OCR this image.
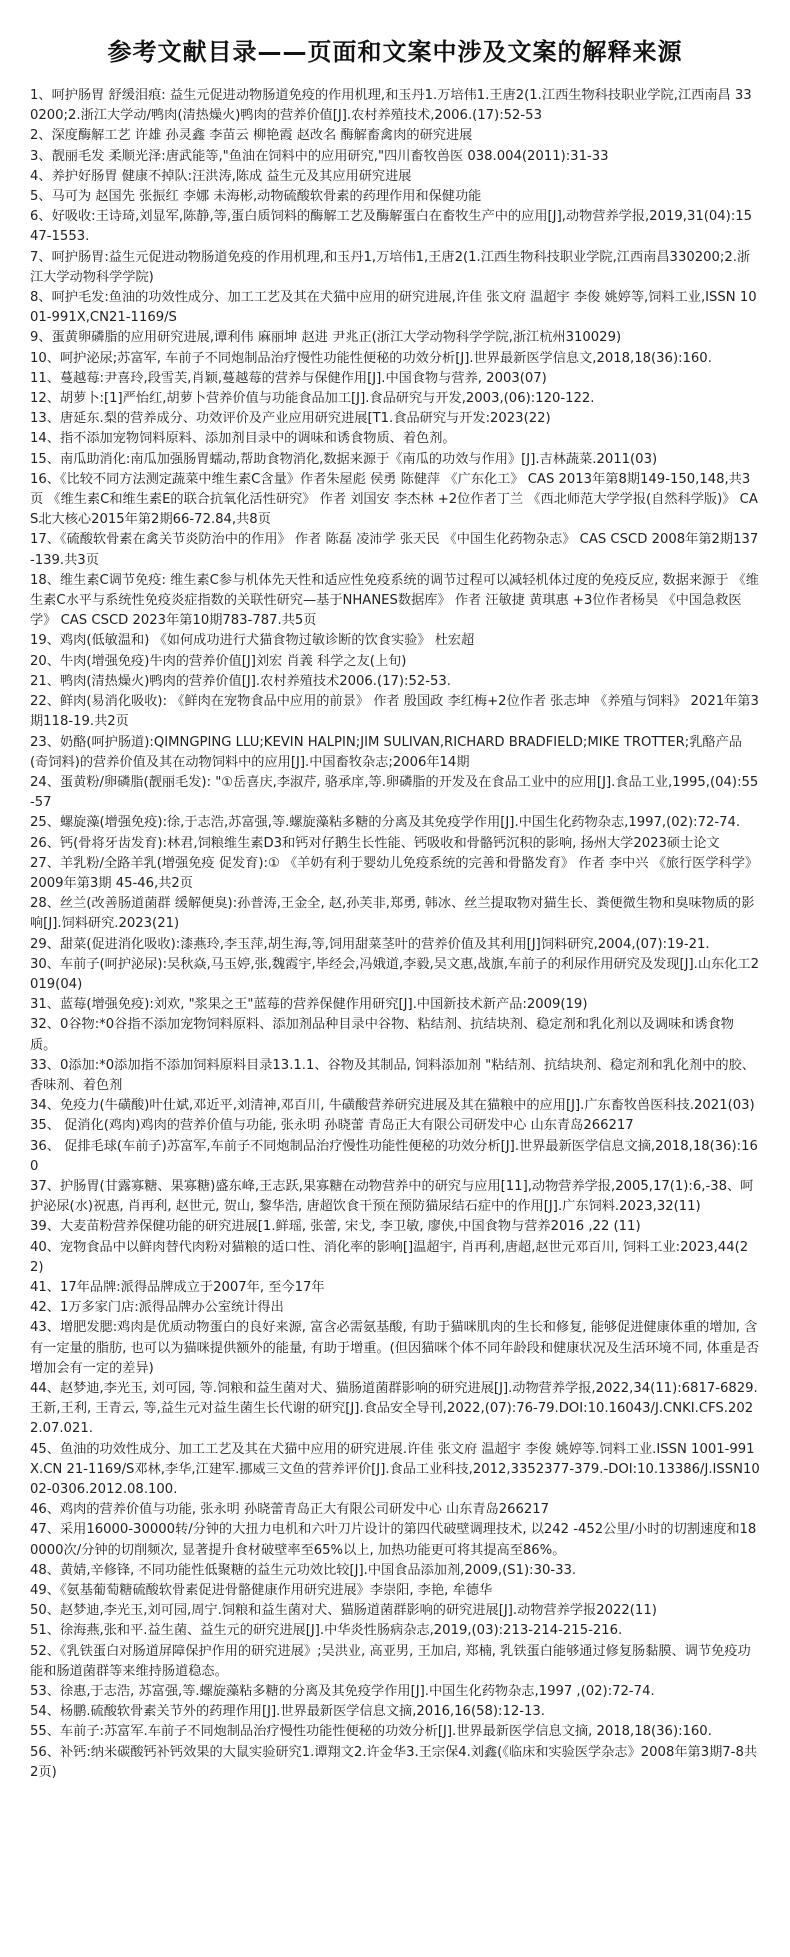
参考文献目录——页面和文案中涉及文案的解释来源
1、呵护肠胃 舒缓泪痕: 益生元促进动物肠道免疫的作用机理,和玉丹1.万培伟1.王唐2(1.江西生物科技职业学院,江西南昌 330200;2.浙江大学动/鸭肉(清热燥火)鸭肉的营养价值[J].农村养殖技术,2006.(17):52-53
2、深度酶解工艺 许雄 孙灵鑫 李苗云 柳艳霞 赵改名 酶解畜禽肉的研究进展
3、靓丽毛发 柔顺光泽:唐武能等,"鱼油在饲料中的应用研究,"四川畜牧兽医 038.004(2011):31-33
4、养护好肠胃 健康不掉队:汪洪涛,陈成 益生元及其应用研究进展
5、马可为 赵国先 张振红 李娜 未海彬,动物硫酸软骨素的药理作用和保健功能
6、好吸收:王诗琦,刘显军,陈静,等,蛋白质饲料的酶解工艺及酶解蛋白在畜牧生产中的应用[J],动物营养学报,2019,31(04):1547-1553.
7、呵护肠胃:益生元促进动物肠道免疫的作用机理,和玉丹1,万培伟1,王唐2(1.江西生物科技职业学院,江西南昌330200;2.浙江大学动物科学学院)
8、呵护毛发:鱼油的功效性成分、加工工艺及其在犬猫中应用的研究进展,许佳 张文府 温超宇 李俊 姚婷等,饲料工业,ISSN 1001-991X,CN21-1169/S
9、蛋黄卵磷脂的应用研究进展,谭利伟 麻丽坤 赵进 尹兆正(浙江大学动物科学学院,浙江杭州310029)
10、呵护泌尿;苏富军, 车前子不同炮制品治疗慢性功能性便秘的功效分析[J].世界最新医学信息文,2018,18(36):160.
11、蔓越莓:尹喜玲,段雪芙,肖颖,蔓越莓的营养与保健作用[J].中国食物与营养, 2003(07)
12、胡萝卜:[1]严怡红,胡萝卜营养价值与功能食品加工[J].食品研究与开发,2003,(06):120-122.
13、唐延东.梨的营养成分、功效评价及产业应用研究进展[T1.食品研究与开发:2023(22)
14、指不添加宠物饲料原料、添加剂目录中的调味和诱食物质、着色剂。
15、南瓜助消化:南瓜加强肠胃蠕动,帮助食物消化,数据来源于《南瓜的功效与作用》[J].吉林蔬菜.2011(03)
16、《比较不同方法测定蔬菜中维生素C含量》作者朱屋彪 侯勇 陈健萍 《广东化工》 CAS 2013年第8期149-150,148,共3页 《维生素C和维生素E的联合抗氧化活性研究》 作者 刘国安 李杰林 +2位作者丁兰 《西北师范大学学报(自然科学版)》 CAS北大核心2015年第2期66-72.84,共8页
17、《硫酸软骨素在禽关节炎防治中的作用》 作者 陈磊 凌沛学 张天民 《中国生化药物杂志》 CAS CSCD 2008年第2期137-139.共3页
18、维生素C调节免疫: 维生素C参与机体先天性和适应性免疫系统的调节过程可以减轻机体过度的免疫反应, 数据来源于 《维生素C水平与系统性免疫炎症指数的关联性研究—基于NHANES数据库》 作者 汪敏捷 黄琪惠 +3位作者杨昊 《中国急救医学》 CAS CSCD 2023年第10期783-787.共5页
19、鸡肉(低敏温和) 《如何成功进行犬猫食物过敏诊断的饮食实验》 杜宏超
20、牛肉(增强免疫)牛肉的营养价值[J]刘宏 肖義 科学之友(上旬)
21、鸭肉(清热燥火)鸭肉的营养价值[J].农村养殖技术2006.(17):52-53.
22、鲜肉(易消化吸收): 《鲜肉在宠物食品中应用的前景》 作者 殷国政 李红梅+2位作者 张志坤 《养殖与饲料》 2021年第3期118-19.共2页
23、奶酪(呵护肠道):QIMNGPING LLU;KEVIN HALPIN;JIM SULIVAN,RICHARD BRADFIELD;MIKE TROTTER;乳酪产品(奇饲料)的营养价值及其在动物饲料中的应用[J].中国畜牧杂志;2006年14期
24、蛋黄粉/卵磷脂(靓丽毛发): "①岳喜庆,李淑芹, 骆承庠,等.卵磷脂的开发及在食品工业中的应用[J].食品工业,1995,(04):55-57
25、螺旋藻(增强免疫):徐,于志浩,苏富强,等.螺旋藻粘多糖的分离及其免疫学作用[J].中国生化药物杂志,1997,(02):72-74.
26、钙(骨将牙齿发育):林君,饲粮维生素D3和钙对仔鹅生长性能、钙吸收和骨骼钙沉积的影响, 扬州大学2023硕士论文
27、羊乳粉/全路羊乳(增强免疫 促发育):① 《羊奶有利于婴幼儿免疫系统的完善和骨骼发育》 作者 李中兴 《旅行医学科学》 2009年第3期 45-46,共2页
28、丝兰(改善肠道菌群 缓解便臭):孙普涛,王金全, 赵,孙芙非,郑勇, 韩冰、丝兰提取物对猫生长、粪便微生物和臭味物质的影响[J].饲料研究.2023(21)
29、甜菜(促进消化吸收):漆燕玲,李玉萍,胡生海,等,饲用甜菜茎叶的营养价值及其利用[J]饲料研究,2004,(07):19-21.
30、车前子(呵护泌尿):吴秋焱,马玉婷,张,魏霞宇,毕经会,冯娥道,李毅,吴文惠,战旗,车前子的利尿作用研究及发现[J].山东化工2019(04)
31、蓝莓(增强免疫):刘欢, "浆果之王"蓝莓的营养保健作用研究[J].中国新技术新产品:2009(19)
32、0谷物:*0谷指不添加宠物饲料原料、添加剂品种目录中谷物、粘结剂、抗结块剂、稳定剂和乳化剂以及调味和诱食物质。
33、0添加:*0添加指不添加饲料原料目录13.1.1、谷物及其制品, 饲料添加剂 "粘结剂、抗结块剂、稳定剂和乳化剂中的胶、香味剂、着色剂
34、免疫力(牛磺酸)叶仕斌,邓近平,刘清神,邓百川, 牛磺酸营养研究进展及其在猫粮中的应用[J].广东畜牧兽医科技.2021(03)
35、 促消化(鸡肉)鸡肉的营养价值与功能, 张永明 孙晓蕾 青岛正大有限公司研发中心 山东青岛266217
36、 促排毛球(车前子)苏富军,车前子不同炮制品治疗慢性功能性便秘的功效分析[J].世界最新医学信息文摘,2018,18(36):160
37、护肠胃(甘露寡糖、果寡糖)盛东峰,王志跃,果寡糖在动物营养中的研究与应用[11],动物营养学报,2005,17(1):6,-38、呵护泌尿(水)祝惠, 肖再利, 赵世元, 贺山, 黎华浩, 唐超饮食干预在预防猫尿结石症中的作用[J].广东饲料.2023,32(11)
39、大麦苗粉营养保健功能的研究进展[1.鲜瑶, 张蕾, 宋戈, 李卫敏, 廖侠,中国食物与营养2016 ,22 (11)
40、宠物食品中以鲜肉替代肉粉对猫粮的适口性、消化率的影响[]温超宇, 肖再利,唐超,赵世元邓百川, 饲料工业:2023,44(22)
41、17年品牌:派得品牌成立于2007年, 至今17年
42、1万多家门店:派得品牌办公室统计得出
43、增肥发腮:鸡肉是优质动物蛋白的良好来源, 富含必需氨基酸, 有助于猫咪肌肉的生长和修复, 能够促进健康体重的增加, 含有一定量的脂肪, 也可以为猫咪提供额外的能量, 有助于增重。(但因猫咪个体不同年龄段和健康状况及生活环境不同, 体重是否增加会有一定的差异)
44、赵梦迪,李光玉, 刘可园, 等.饲粮和益生菌对犬、猫肠道菌群影响的研究进展[J].动物营养学报,2022,34(11):6817-6829.王新,王利, 王青云, 等,益生元对益生菌生长代谢的研究[J].食品安全导刊,2022,(07):76-79.DOI:10.16043/J.CNKI.CFS.2022.07.021.
45、鱼油的功效性成分、加工工艺及其在犬猫中应用的研究进展.许佳 张文府 温超宇 李俊 姚婷等.饲料工业.ISSN 1001-991X.CN 21-1169/S邓林,李华,江建军.挪威三文鱼的营养评价[J].食品工业科技,2012,3352377-379.-DOI:10.13386/J.ISSN1002-0306.2012.08.100.
46、鸡肉的营养价值与功能, 张永明 孙晓蕾青岛正大有限公司研发中心 山东青岛266217
47、采用16000-30000转/分钟的大扭力电机和六叶刀片设计的第四代破壁调理技术, 以242 -452公里/小时的切割速度和180000次/分钟的切削频次, 显著提升食材破壁率至65%以上, 加热功能更可将其提高至86%。
48、黄婧,辛修锋, 不同功能性低聚糖的益生元功效比较[J].中国食品添加剂,2009,(S1):30-33.
49、《氨基葡萄糖硫酸软骨素促进骨骼健康作用研究进展》李崇阳, 李艳, 牟德华
50、赵梦迪,李光玉,刘可园,周宁.饲粮和益生菌对犬、猫肠道菌群影响的研究进展[J].动物营养学报2022(11)
51、徐海燕,张和平.益生菌、益生元的研究进展[J].中华炎性肠病杂志,2019,(03):213-214-215-216.
52、《乳铁蛋白对肠道屏障保护作用的研究进展》;吴洪业, 高亚男, 王加启, 郑楠, 乳铁蛋白能够通过修复肠黏膜、调节免疫功能和肠道菌群等来维持肠道稳态。
53、徐惠,于志浩, 苏富强,等.螺旋藻粘多糖的分离及其免疫学作用[J].中国生化药物杂志,1997 ,(02):72-74.
54、杨鹏.硫酸软骨素关节外的药理作用[J].世界最新医学信息文摘,2016,16(58):12-13.
55、车前子:苏富军.车前子不同炮制品治疗慢性功能性便秘的功效分析[J].世界最新医学信息文摘, 2018,18(36):160.
56、补钙:纳米碳酸钙补钙效果的大鼠实验研究1.谭翔文2.许金华3.王宗保4.刘鑫(《临床和实验医学杂志》2008年第3期7-8共2页)
